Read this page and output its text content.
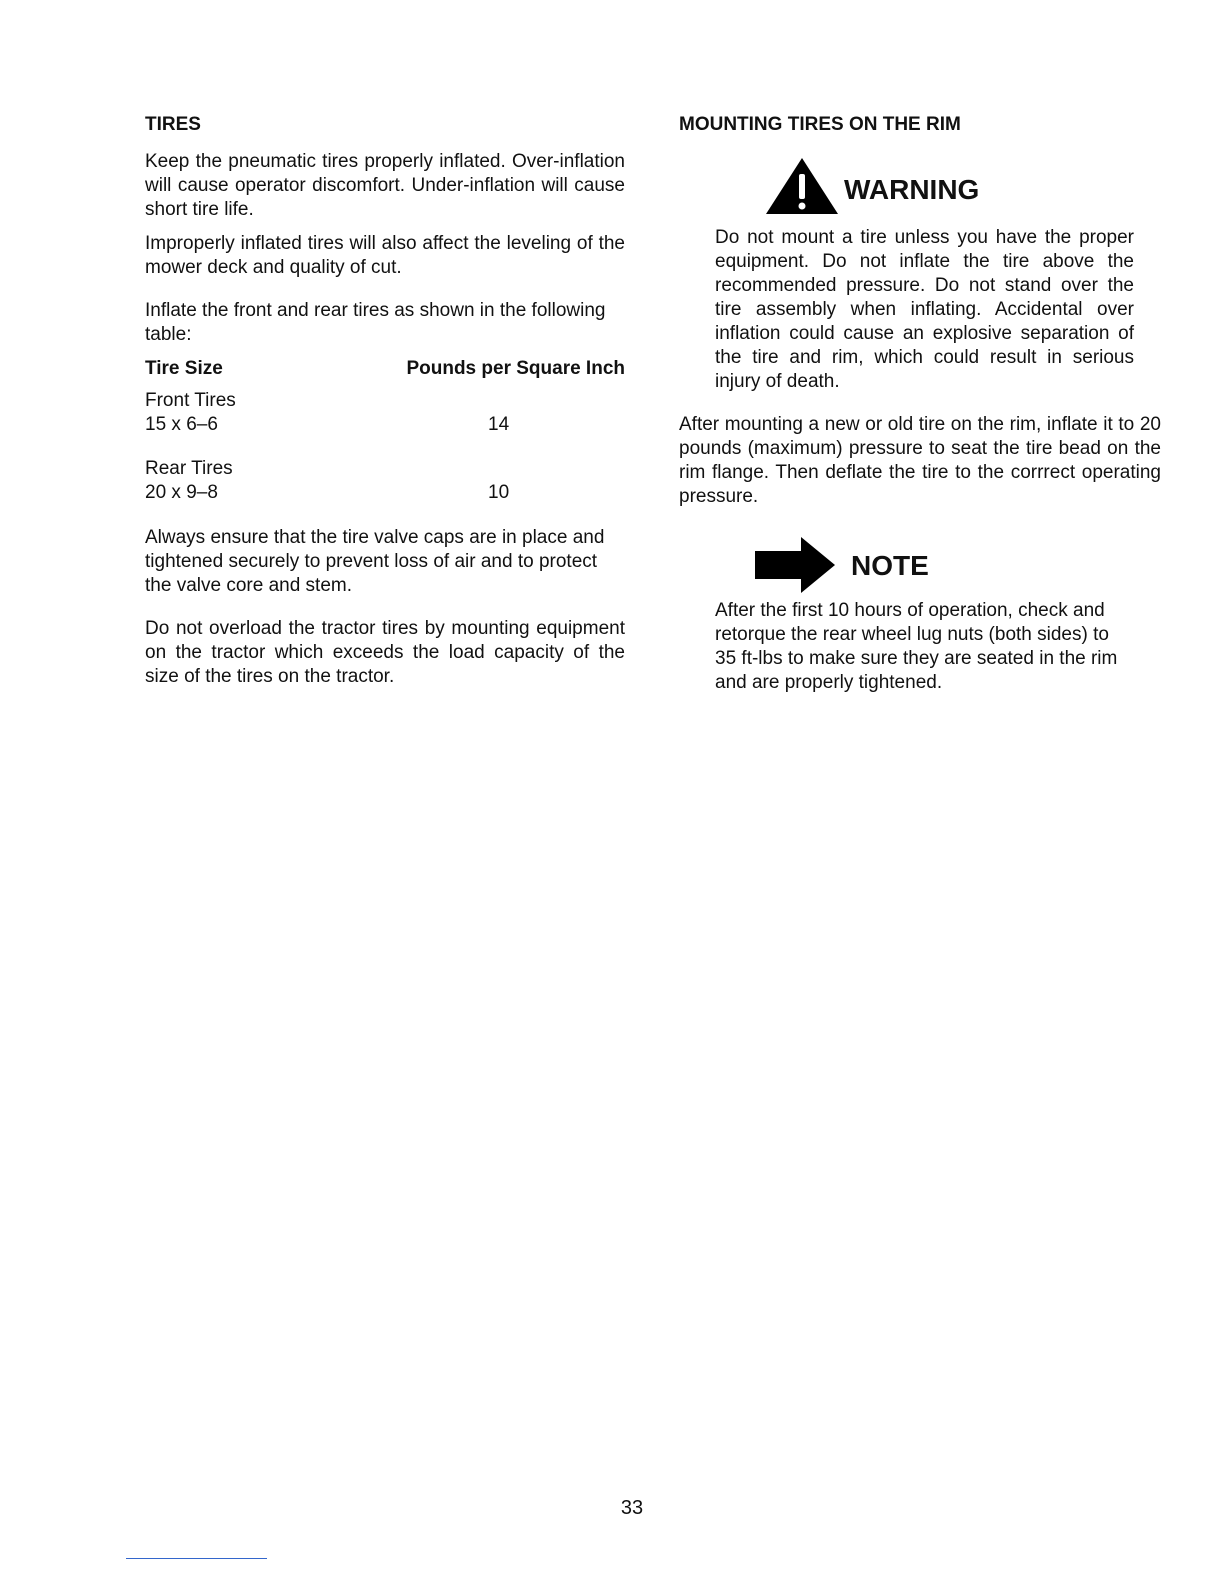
TIRES

Keep the pneumatic tires properly inflated. Over-inflation will cause operator discomfort. Under-inflation will cause short tire life.

Improperly inflated tires will also affect the leveling of the mower deck and quality of cut.

Inflate the front and rear tires as shown in the following table:

Tire Size	Pounds per Square Inch
Front Tires
15 x 6–6	14
Rear Tires
20 x 9–8	10

Always ensure that the tire valve caps are in place and tightened securely to prevent loss of air and to protect the valve core and stem.

Do not overload the tractor tires by mounting equipment on the tractor which exceeds the load capacity of the size of the tires on the tractor.

MOUNTING TIRES ON THE RIM
WARNING

Do not mount a tire unless you have the proper equipment. Do not inflate the tire above the recommended pressure. Do not stand over the tire assembly when inflating. Accidental over inflation could cause an explosive separation of the tire and rim, which could result in serious injury of death.

After mounting a new or old tire on the rim, inflate it to 20 pounds (maximum) pressure to seat the tire bead on the rim flange. Then deflate the tire to the corrrect operating pressure.

NOTE

After the first 10 hours of operation, check and retorque the rear wheel lug nuts (both sides) to 35 ft-lbs to make sure they are seated in the rim and are properly tightened.

33
